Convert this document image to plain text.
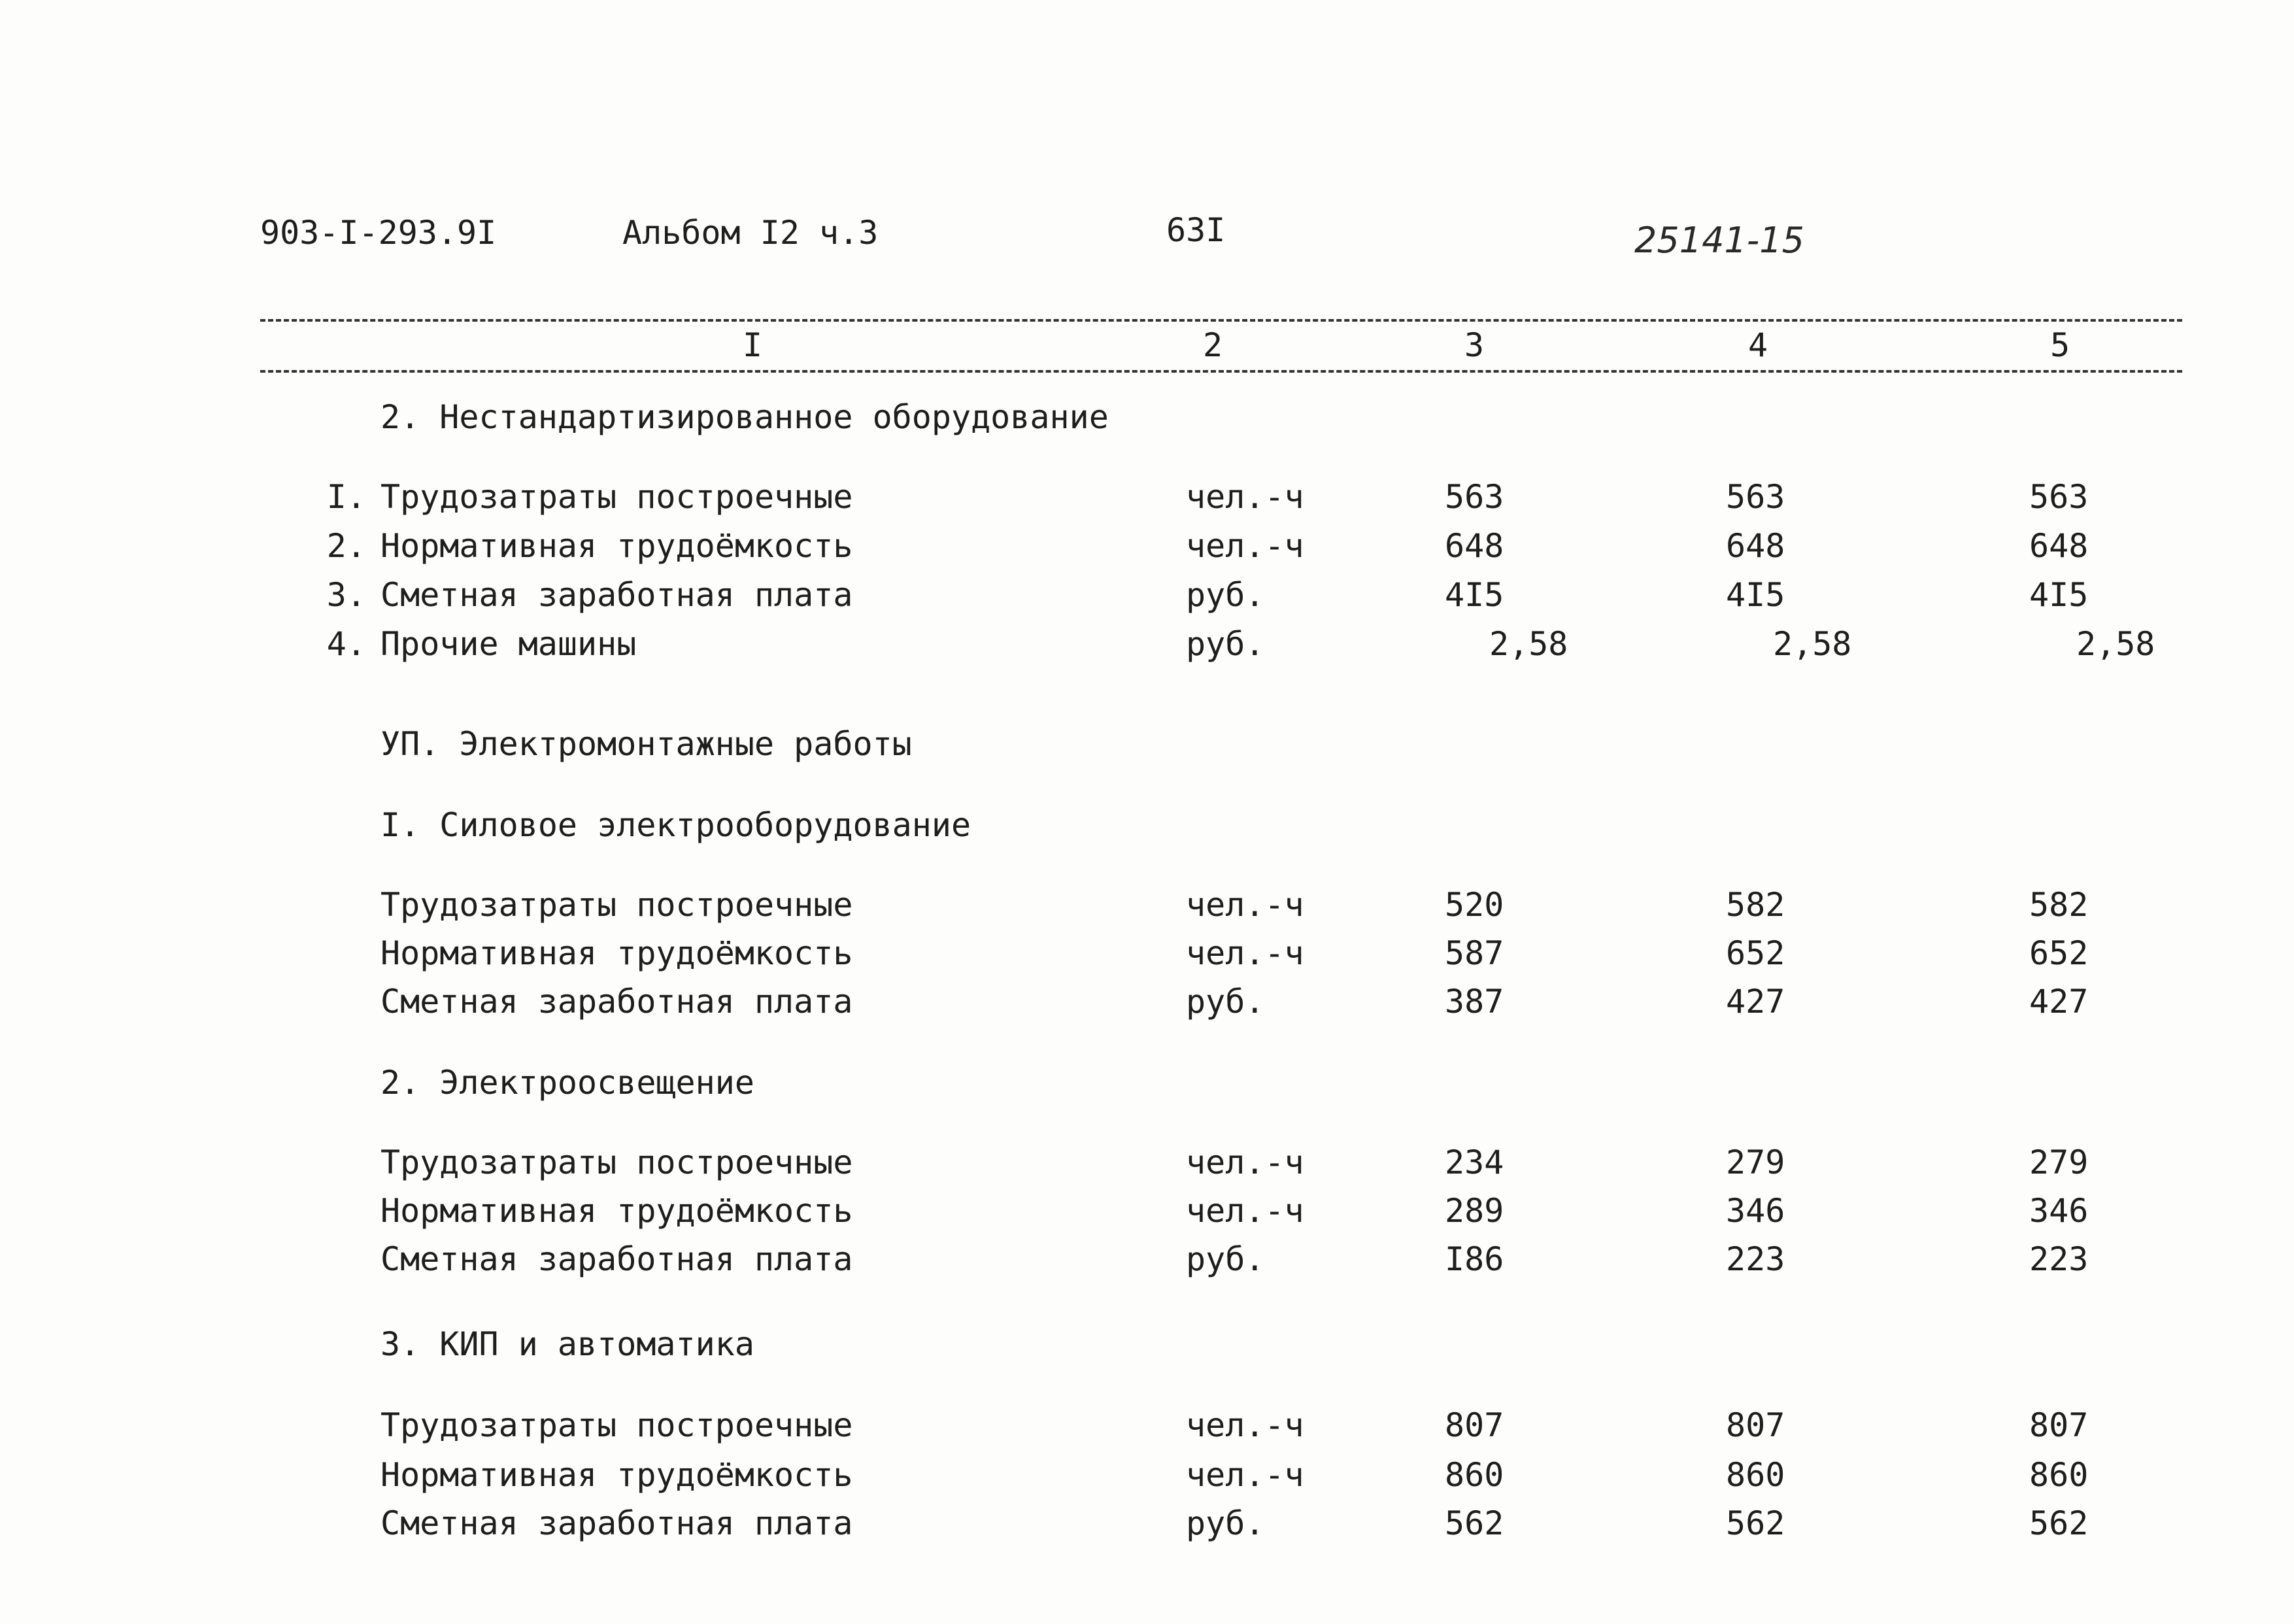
903-I-293.9I	Альбом I2 ч.3	63I	25141-15
I	2	3	4	5
2. Нестандартизированное оборудование
I. Трудозатраты построечные	чел.-ч	563	563	563
2. Нормативная трудоёмкость	чел.-ч	648	648	648
3. Сметная заработная плата	руб.	4I5	4I5	4I5
4. Прочие машины	руб.	2,58	2,58	2,58
УП. Электромонтажные работы
I. Силовое электрооборудование
Трудозатраты построечные	чел.-ч	520	582	582
Нормативная трудоёмкость	чел.-ч	587	652	652
Сметная заработная плата	руб.	387	427	427
2. Электроосвещение
Трудозатраты построечные	чел.-ч	234	279	279
Нормативная трудоёмкость	чел.-ч	289	346	346
Сметная заработная плата	руб.	I86	223	223
3. КИП и автоматика
Трудозатраты построечные	чел.-ч	807	807	807
Нормативная трудоёмкость	чел.-ч	860	860	860
Сметная заработная плата	руб.	562	562	562
